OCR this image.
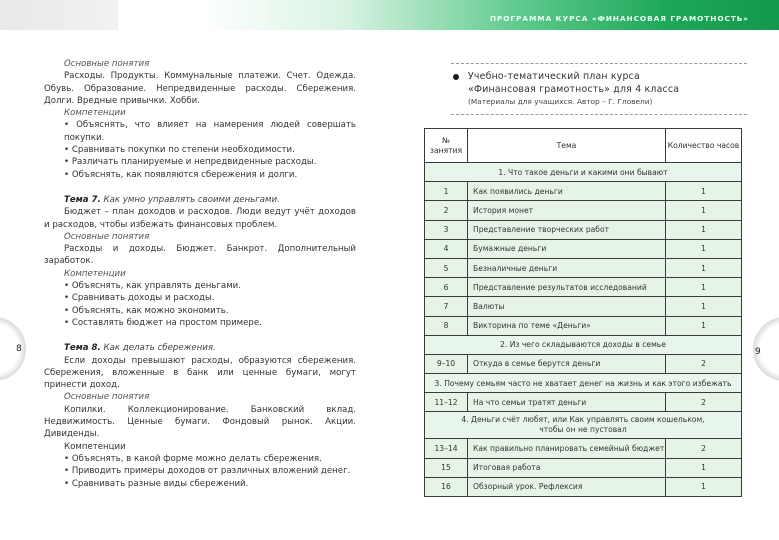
ПРОГРАММА КУРСА «ФИНАНСОВАЯ ГРАМОТНОСТЬ»

Основные понятия

Расходы. Продукты. Коммунальные платежи. Счет. Одежда. Обувь. Образование. Непредвиденные расходы. Сбережения. Долги. Вредные привычки. Хобби.

Компетенции

• Объяснять, что влияет на намерения людей совершать покупки.

• Сравнивать покупки по степени необходимости.

• Различать планируемые и непредвиденные расходы.

• Объяснять, как появляются сбережения и долги.

Тема 7. Как умно управлять своими деньгами.

Бюджет – план доходов и расходов. Люди ведут учёт доходов и расходов, чтобы избежать финансовых проблем.

Основные понятия

Расходы и доходы. Бюджет. Банкрот. Дополнительный заработок.

Компетенции

• Объяснять, как управлять деньгами.

• Сравнивать доходы и расходы.

• Объяснять, как можно экономить.

• Составлять бюджет на простом примере.

Тема 8. Как делать сбережения.

Если доходы превышают расходы, образуются сбережения. Сбережения, вложенные в банк или ценные бумаги, могут принести доход.

Основные понятия

Копилки. Коллекционирование. Банковский вклад. Недвижимость. Ценные бумаги. Фондовый рынок. Акции. Дивиденды.

Компетенции

• Объяснять, в какой форме можно делать сбережения.

• Приводить примеры доходов от различных вложений денег.

• Сравнивать разные виды сбережений.

8	9
Учебно-тематический план курса
«Финансовая грамотность» для 4 класса
(Материалы для учащихся. Автор – Г. Гловели)
№ занятия	Тема	Количество часов
1. Что такое деньги и какими они бывают		
1	Как появились деньги	1
2	История монет	1
3	Представление творческих работ	1
4	Бумажные деньги	1
5	Безналичные деньги	1
6	Представление результатов исследований	1
7	Валюты	1
8	Викторина по теме «Деньги»	1
2. Из чего складываются доходы в семье		
9–10	Откуда в семье берутся деньги	2
3. Почему семьям часто не хватает денег на жизнь и как этого избежать		
11–12	На что семьи тратят деньги	2

4. Деньги счёт любят, или Как управлять своим кошельком,
чтобы он не пустовал		

13–14	Как правильно планировать семейный бюджет	2
15	Итоговая работа	1
16	Обзорный урок. Рефлексия	1
